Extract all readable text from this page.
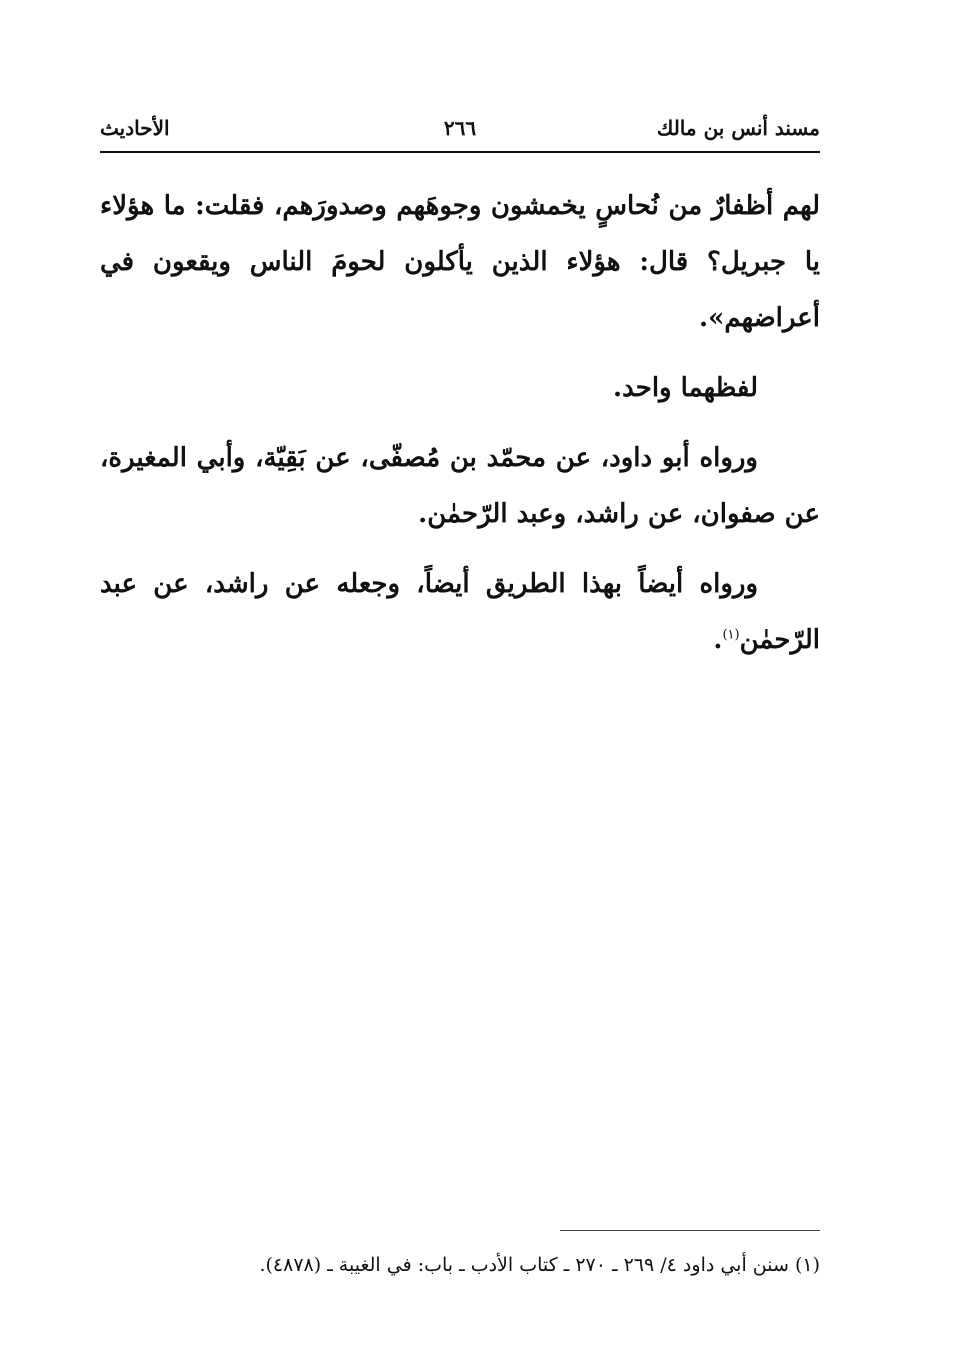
مسند أنس بن مالك
٢٦٦
الأحاديث

لهم أظفارٌ من نُحاسٍ يخمشون وجوهَهم وصدورَهم، فقلت: ما هؤلاء يا جبريل؟ قال: هؤلاء الذين يأكلون لحومَ الناس ويقعون في أعراضهم».

لفظهما واحد.

ورواه أبو داود، عن محمّد بن مُصفّى، عن بَقِيّة، وأبي المغيرة، عن صفوان، عن راشد، وعبد الرّحمٰن.

ورواه أيضاً بهذا الطريق أيضاً، وجعله عن راشد، عن عبد الرّحمٰن$^{(١)}$.

(١) سنن أبي داود ٤/ ٢٦٩ ـ ٢٧٠ ـ كتاب الأدب ـ باب: في الغيبة ـ (٤٨٧٨).
